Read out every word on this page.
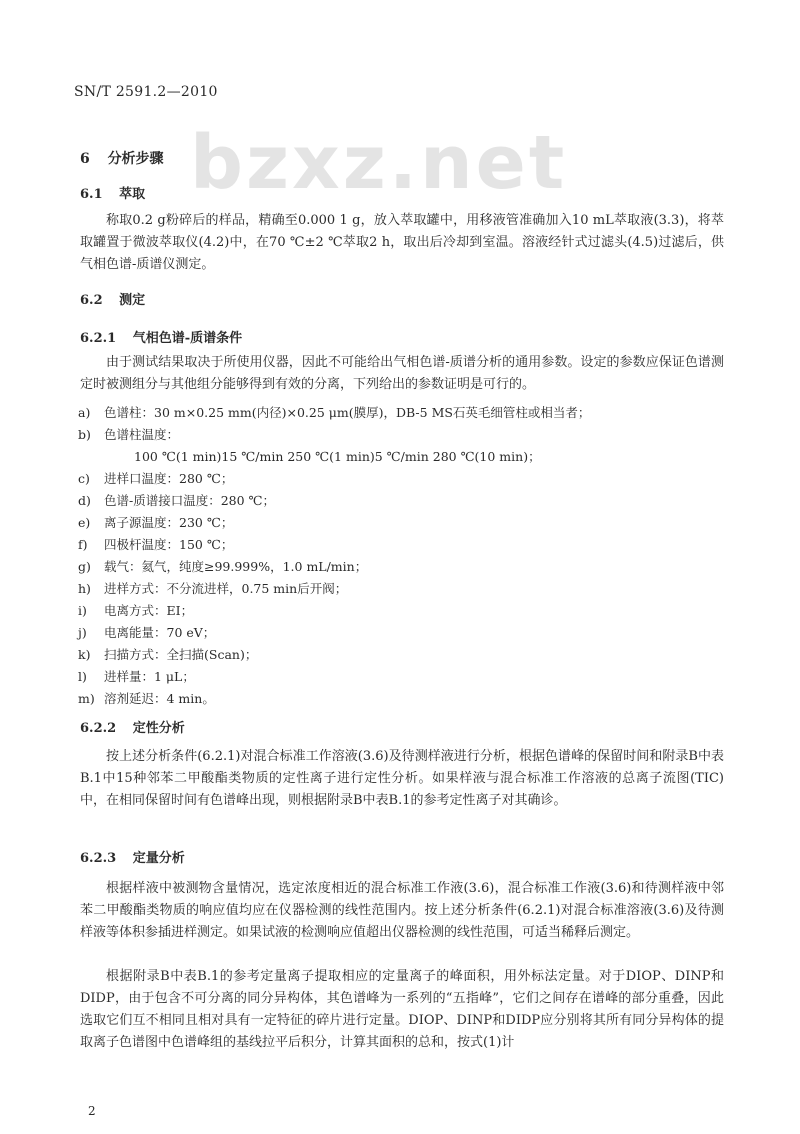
bzxz.net
SN/T 2591.2—2010
6 分析步骤
6.1 萃取
称取0.2 g粉碎后的样品，精确至0.000 1 g，放入萃取罐中，用移液管准确加入10 mL萃取液(3.3)，将萃取罐置于微波萃取仪(4.2)中，在70 ℃±2 ℃萃取2 h，取出后冷却到室温。溶液经针式过滤头(4.5)过滤后，供气相色谱-质谱仪测定。
6.2 测定
6.2.1 气相色谱-质谱条件
由于测试结果取决于所使用仪器，因此不可能给出气相色谱-质谱分析的通用参数。设定的参数应保证色谱测定时被测组分与其他组分能够得到有效的分离，下列给出的参数证明是可行的。
a) 色谱柱：30 m×0.25 mm(内径)×0.25 μm(膜厚)，DB-5 MS石英毛细管柱或相当者；
b) 色谱柱温度：
100 ℃(1 min)15 ℃/min 250 ℃(1 min)5 ℃/min 280 ℃(10 min)；
c) 进样口温度：280 ℃；
d) 色谱-质谱接口温度：280 ℃；
e) 离子源温度：230 ℃；
f) 四极杆温度：150 ℃；
g) 载气：氦气，纯度≥99.999%，1.0 mL/min；
h) 进样方式：不分流进样，0.75 min后开阀；
i) 电离方式：EI；
j) 电离能量：70 eV；
k) 扫描方式：全扫描(Scan)；
l) 进样量：1 μL；
m) 溶剂延迟：4 min。
6.2.2 定性分析
按上述分析条件(6.2.1)对混合标准工作溶液(3.6)及待测样液进行分析，根据色谱峰的保留时间和附录B中表B.1中15种邻苯二甲酸酯类物质的定性离子进行定性分析。如果样液与混合标准工作溶液的总离子流图(TIC)中，在相同保留时间有色谱峰出现，则根据附录B中表B.1的参考定性离子对其确诊。
6.2.3 定量分析
根据样液中被测物含量情况，选定浓度相近的混合标准工作液(3.6)，混合标准工作液(3.6)和待测样液中邻苯二甲酸酯类物质的响应值均应在仪器检测的线性范围内。按上述分析条件(6.2.1)对混合标准溶液(3.6)及待测样液等体积参插进样测定。如果试液的检测响应值超出仪器检测的线性范围，可适当稀释后测定。
根据附录B中表B.1的参考定量离子提取相应的定量离子的峰面积，用外标法定量。对于DIOP、DINP和DIDP，由于包含不可分离的同分异构体，其色谱峰为一系列的“五指峰”，它们之间存在谱峰的部分重叠，因此选取它们互不相同且相对具有一定特征的碎片进行定量。DIOP、DINP和DIDP应分别将其所有同分异构体的提取离子色谱图中色谱峰组的基线拉平后积分，计算其面积的总和，按式(1)计
2
